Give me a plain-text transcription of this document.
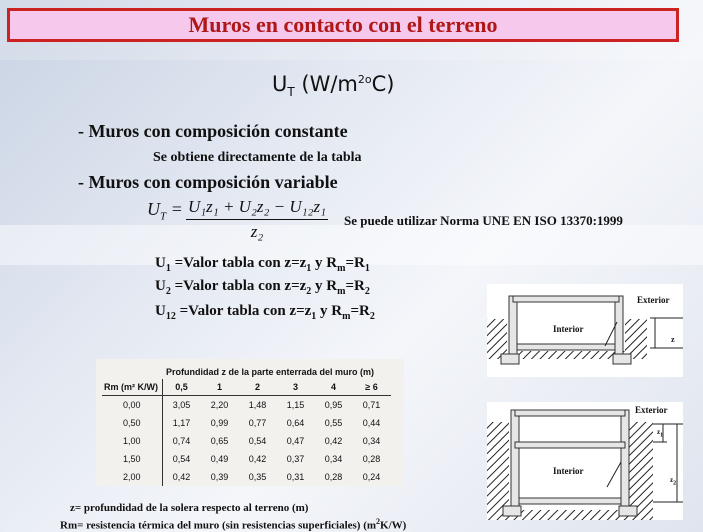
Muros en contacto con el terreno
$U_T$ $(W/m^{2o}C)$
- Muros con composición constante
Se obtiene directamente de la tabla
- Muros con composición variable
$U_T = U_1z_1 + U_2z_2 - U_{12}z_1$
z₂
Se puede utilizar Norma UNE EN ISO 13370:1999
$U_1$ =Valor tabla con $z=z_1$ y $R_m=R_1$
$U_2$ =Valor tabla con $z=z_2$ y $R_m=R_2$
$U_{12}$ =Valor tabla con $z=z_1$ y $R_m=R_2$
	Profundidad z de la parte enterrada del muro (m)					
Rm (m² K/W)	0,5	1	2	3	4	≥ 6
0,00	3,05	2,20	1,48	1,15	0,95	0,71
0,50	1,17	0,99	0,77	0,64	0,55	0,44
1,00	0,74	0,65	0,54	0,47	0,42	0,34
1,50	0,54	0,49	0,42	0,37	0,34	0,28
2,00	0,42	0,39	0,35	0,31	0,28	0,24
z= profundidad de la solera respecto al terreno (m)
Rm= resistencia térmica del muro (sin resistencias superficiales) $(m^2K/W)$
Exterior
Interior
z
Exterior
Interior
$z_1$
$z_2$
